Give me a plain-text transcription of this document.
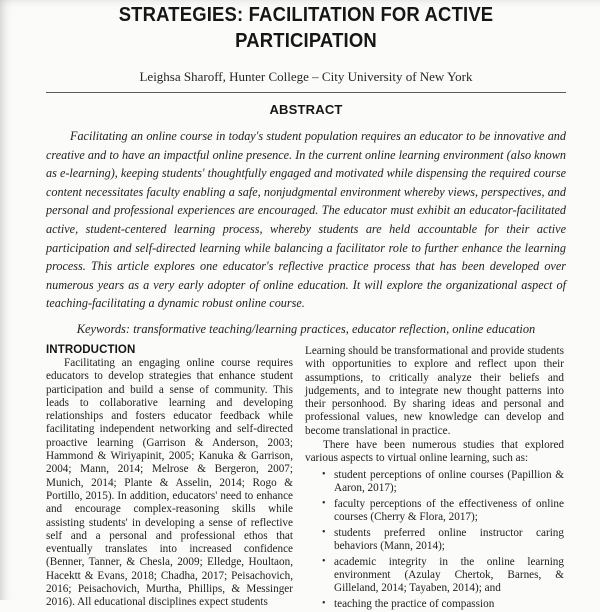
STRATEGIES: FACILITATION FOR ACTIVE PARTICIPATION
Leighsa Sharoff, Hunter College – City University of New York
ABSTRACT

Facilitating an online course in today's student population requires an educator to be innovative and creative and to have an impactful online presence. In the current online learning environment (also known as e-learning), keeping students' thoughtfully engaged and motivated while dispensing the required course content necessitates faculty enabling a safe, nonjudgmental environment whereby views, perspectives, and personal and professional experiences are encouraged. The educator must exhibit an educator-facilitated active, student-centered learning process, whereby students are held accountable for their active participation and self-directed learning while balancing a facilitator role to further enhance the learning process. This article explores one educator's reflective practice process that has been developed over numerous years as a very early adopter of online education. It will explore the organizational aspect of teaching-facilitating a dynamic robust online course.

Keywords: transformative teaching/learning practices, educator reflection, online education
INTRODUCTION

Facilitating an engaging online course requires educators to develop strategies that enhance student participation and build a sense of community. This leads to collaborative learning and developing relationships and fosters educator feedback while facilitating independent networking and self-directed proactive learning (Garrison & Anderson, 2003; Hammond & Wiriyapinit, 2005; Kanuka & Garrison, 2004; Mann, 2014; Melrose & Bergeron, 2007; Munich, 2014; Plante & Asselin, 2014; Rogo & Portillo, 2015). In addition, educators' need to enhance and encourage complex-reasoning skills while assisting students' in developing a sense of reflective self and a personal and professional ethos that eventually translates into increased confidence (Benner, Tanner, & Chesla, 2009; Elledge, Houltaon, Hacektt & Evans, 2018; Chadha, 2017; Peisachovich, 2016; Peisachovich, Murtha, Phillips, & Messinger 2016). All educational disciplines expect students

Learning should be transformational and provide students with opportunities to explore and reflect upon their assumptions, to critically analyze their beliefs and judgements, and to integrate new thought patterns into their personhood. By sharing ideas and personal and professional values, new knowledge can develop and become translational in practice.

There have been numerous studies that explored various aspects to virtual online learning, such as:

• student perceptions of online courses (Papillion & Aaron, 2017);
• faculty perceptions of the effectiveness of online courses (Cherry & Flora, 2017);
• students preferred online instructor caring behaviors (Mann, 2014);
• academic integrity in the online learning environment (Azulay Chertok, Barnes, & Gilleland, 2014; Tayaben, 2014); and
• teaching the practice of compassion
